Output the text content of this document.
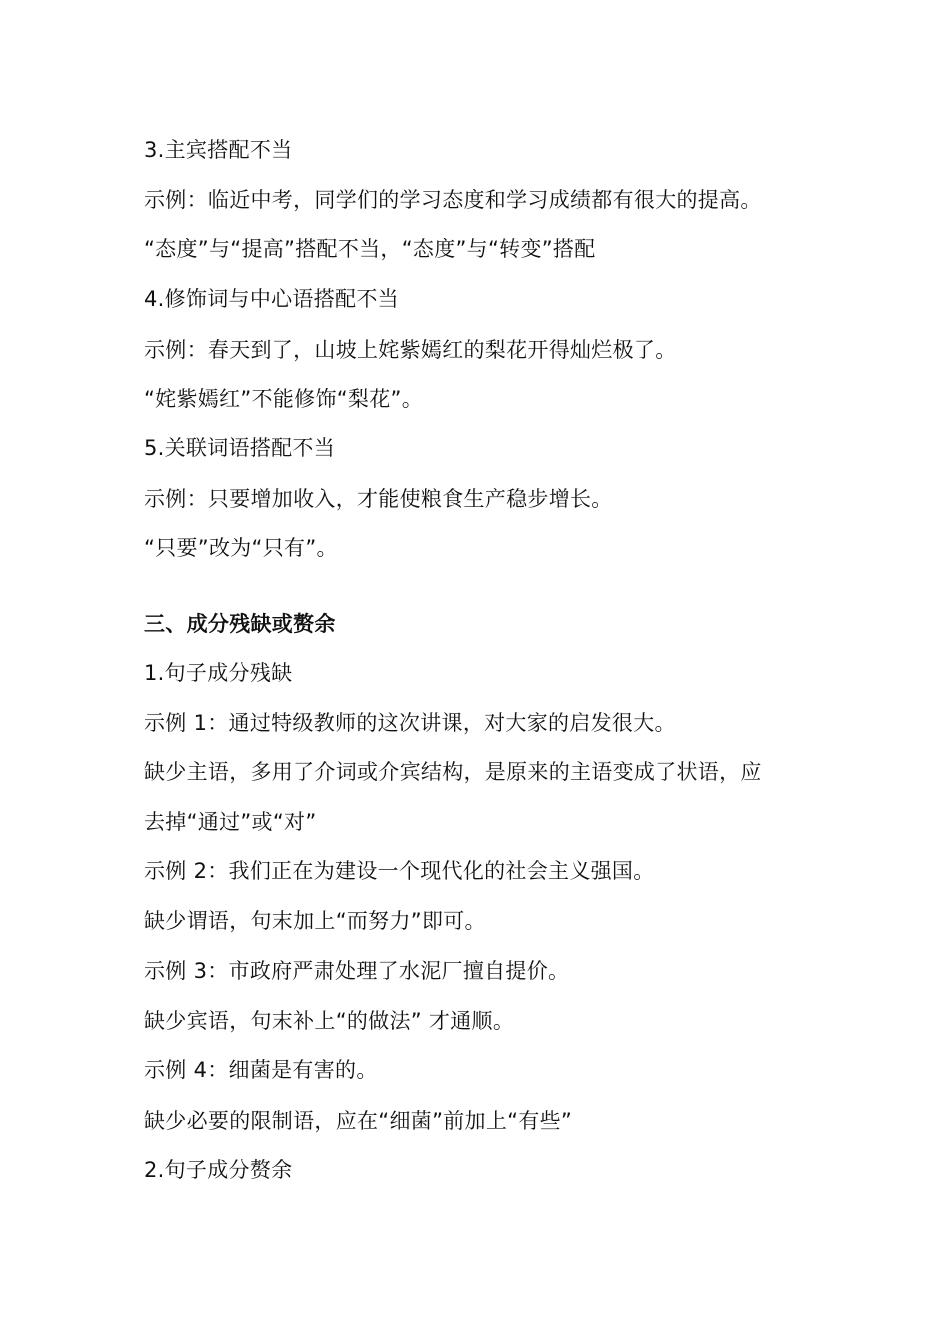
3.主宾搭配不当
示例：临近中考，同学们的学习态度和学习成绩都有很大的提高。
“态度”与“提高”搭配不当，“态度”与“转变”搭配
4.修饰词与中心语搭配不当
示例：春天到了，山坡上姹紫嫣红的梨花开得灿烂极了。
“姹紫嫣红”不能修饰“梨花”。
5.关联词语搭配不当
示例：只要增加收入，才能使粮食生产稳步增长。
“只要”改为“只有”。
三、成分残缺或赘余
1.句子成分残缺
示例 1：通过特级教师的这次讲课，对大家的启发很大。
缺少主语，多用了介词或介宾结构，是原来的主语变成了状语，应
去掉“通过”或“对”
示例 2：我们正在为建设一个现代化的社会主义强国。
缺少谓语，句末加上“而努力”即可。
示例 3：市政府严肃处理了水泥厂擅自提价。
缺少宾语，句末补上“的做法” 才通顺。
示例 4：细菌是有害的。
缺少必要的限制语，应在“细菌”前加上“有些”
2.句子成分赘余
